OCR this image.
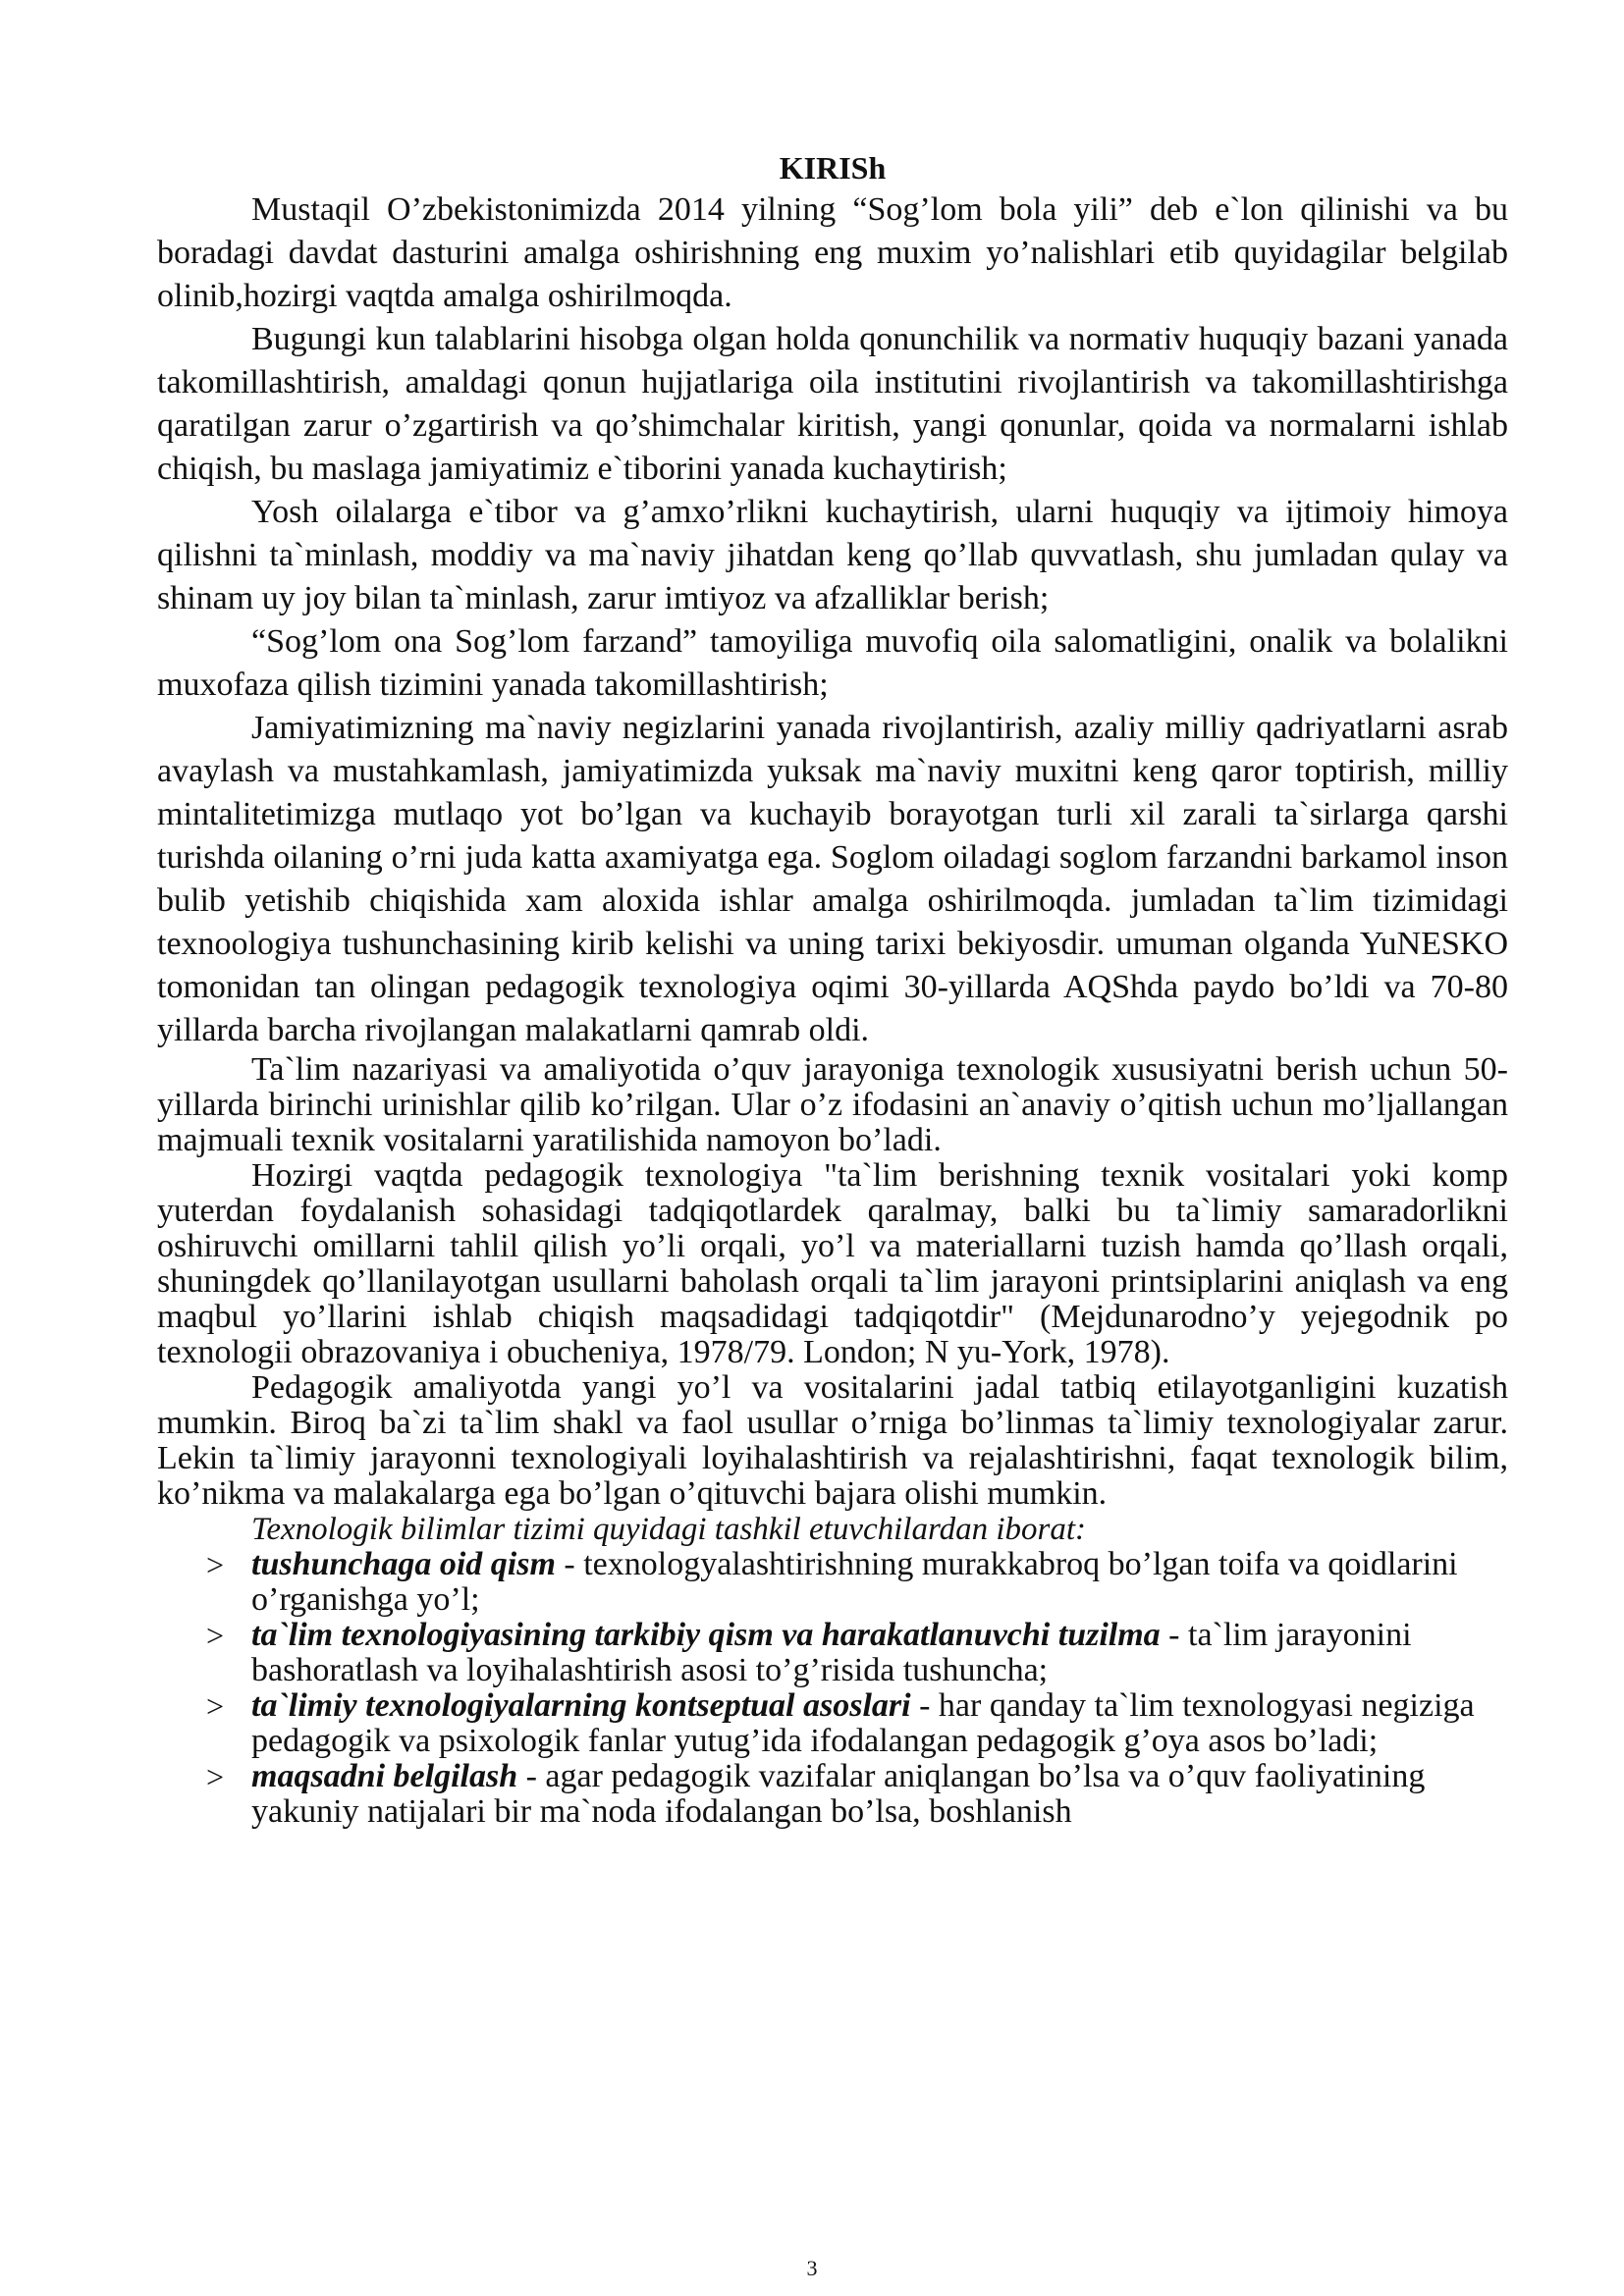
KIRISh

Mustaqil O’zbekistonimizda 2014 yilning “Sog’lom bola yili” deb e`lon qilinishi va bu boradagi davdat dasturini amalga oshirishning eng muxim yo’nalishlari etib quyidagilar belgilab olinib,hozirgi vaqtda amalga oshirilmoqda.

Bugungi kun talablarini hisobga olgan holda qonunchilik va normativ huquqiy bazani yanada takomillashtirish, amaldagi qonun hujjatlariga oila institutini rivojlantirish va takomillashtirishga qaratilgan zarur o’zgartirish va qo’shimchalar kiritish, yangi qonunlar, qoida va normalarni ishlab chiqish, bu maslaga jamiyatimiz e`tiborini yanada kuchaytirish;

Yosh oilalarga e`tibor va g’amxo’rlikni kuchaytirish, ularni huquqiy va ijtimoiy himoya qilishni ta`minlash, moddiy va ma`naviy jihatdan keng qo’llab quvvatlash, shu jumladan qulay va shinam uy joy bilan ta`minlash, zarur imtiyoz va afzalliklar berish;

“Sog’lom ona Sog’lom farzand” tamoyiliga muvofiq oila salomatligini, onalik va bolalikni muxofaza qilish tizimini yanada takomillashtirish;

Jamiyatimizning ma`naviy negizlarini yanada rivojlantirish, azaliy milliy qadriyatlarni asrab avaylash va mustahkamlash, jamiyatimizda yuksak ma`naviy muxitni keng qaror toptirish, milliy mintalitetimizga mutlaqo yot bo’lgan va kuchayib borayotgan turli xil zarali ta`sirlarga qarshi turishda oilaning o’rni juda katta axamiyatga ega. Soglom oiladagi soglom farzandni barkamol inson bulib yetishib chiqishida xam aloxida ishlar amalga oshirilmoqda. jumladan ta`lim tizimidagi texnoologiya tushunchasining kirib kelishi va uning tarixi bekiyosdir. umuman olganda YuNESKO tomonidan tan olingan pedagogik texnologiya oqimi 30-yillarda AQShda paydo bo’ldi va 70-80 yillarda barcha rivojlangan malakatlarni qamrab oldi.

Ta`lim nazariyasi va amaliyotida o’quv jarayoniga texnologik xususiyatni berish uchun 50-yillarda birinchi urinishlar qilib ko’rilgan. Ular o’z ifodasini an`anaviy o’qitish uchun mo’ljallangan majmuali texnik vositalarni yaratilishida namoyon bo’ladi.

Hozirgi vaqtda pedagogik texnologiya "ta`lim berishning texnik vositalari yoki komp yuterdan foydalanish sohasidagi tadqiqotlardek qaralmay, balki bu ta`limiy samaradorlikni oshiruvchi omillarni tahlil qilish yo’li orqali, yo’l va materiallarni tuzish hamda qo’llash orqali, shuningdek qo’llanilayotgan usullarni baholash orqali ta`lim jarayoni printsiplarini aniqlash va eng maqbul yo’llarini ishlab chiqish maqsadidagi tadqiqotdir" (Mejdunarodno’y yejegodnik po texnologii obrazovaniya i obucheniya, 1978/79. London; N yu-York, 1978).

Pedagogik amaliyotda yangi yo’l va vositalarini jadal tatbiq etilayotganligini kuzatish mumkin. Biroq ba`zi ta`lim shakl va faol usullar o’rniga bo’linmas ta`limiy texnologiyalar zarur. Lekin ta`limiy jarayonni texnologiyali loyihalashtirish va rejalashtirishni, faqat texnologik bilim, ko’nikma va malakalarga ega bo’lgan o’qituvchi bajara olishi mumkin.

Texnologik bilimlar tizimi quyidagi tashkil etuvchilardan iborat:

> tushunchaga oid qism - texnologyalashtirishning murakkabroq bo’lgan toifa va qoidlarini o’rganishga yo’l;
> ta`lim texnologiyasining tarkibiy qism va harakatlanuvchi tuzilma - ta`lim jarayonini bashoratlash va loyihalashtirish asosi to’g’risida tushuncha;
> ta`limiy texnologiyalarning kontseptual asoslari - har qanday ta`lim texnologyasi negiziga pedagogik va psixologik fanlar yutug’ida ifodalangan pedagogik g’oya asos bo’ladi;
> maqsadni belgilash - agar pedagogik vazifalar aniqlangan bo’lsa va o’quv faoliyatining yakuniy natijalari bir ma`noda ifodalangan bo’lsa, boshlanish
3
